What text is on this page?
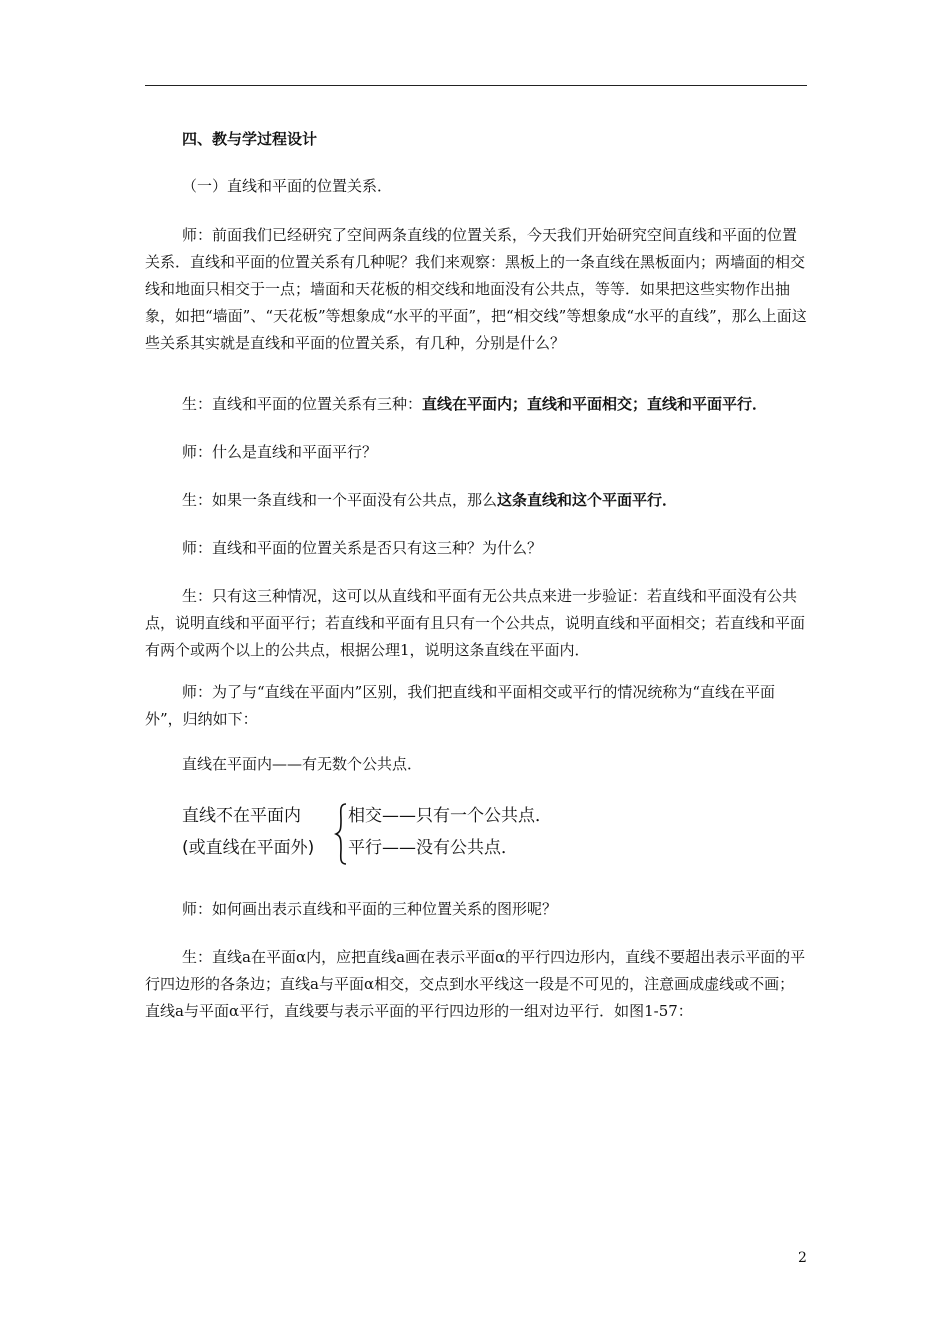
四、教与学过程设计

（一）直线和平面的位置关系．

师：前面我们已经研究了空间两条直线的位置关系，今天我们开始研究空间直线和平面的位置关系．直线和平面的位置关系有几种呢？我们来观察：黑板上的一条直线在黑板面内；两墙面的相交线和地面只相交于一点；墙面和天花板的相交线和地面没有公共点，等等．如果把这些实物作出抽象，如把“墙面”、“天花板”等想象成“水平的平面”，把“相交线”等想象成“水平的直线”，那么上面这些关系其实就是直线和平面的位置关系，有几种，分别是什么？

生：直线和平面的位置关系有三种：直线在平面内；直线和平面相交；直线和平面平行．

师：什么是直线和平面平行？

生：如果一条直线和一个平面没有公共点，那么这条直线和这个平面平行．

师：直线和平面的位置关系是否只有这三种？为什么？

生：只有这三种情况，这可以从直线和平面有无公共点来进一步验证：若直线和平面没有公共点，说明直线和平面平行；若直线和平面有且只有一个公共点，说明直线和平面相交；若直线和平面有两个或两个以上的公共点，根据公理1，说明这条直线在平面内．

师：为了与“直线在平面内”区别，我们把直线和平面相交或平行的情况统称为“直线在平面外”，归纳如下：

直线在平面内——有无数个公共点．

直线不在平面内
(或直线在平面外)
相交——只有一个公共点．
平行——没有公共点．

师：如何画出表示直线和平面的三种位置关系的图形呢？

生：直线a在平面α内，应把直线a画在表示平面α的平行四边形内，直线不要超出表示平面的平行四边形的各条边；直线a与平面α相交，交点到水平线这一段是不可见的，注意画成虚线或不画；直线a与平面α平行，直线要与表示平面的平行四边形的一组对边平行．如图1-57：

2
